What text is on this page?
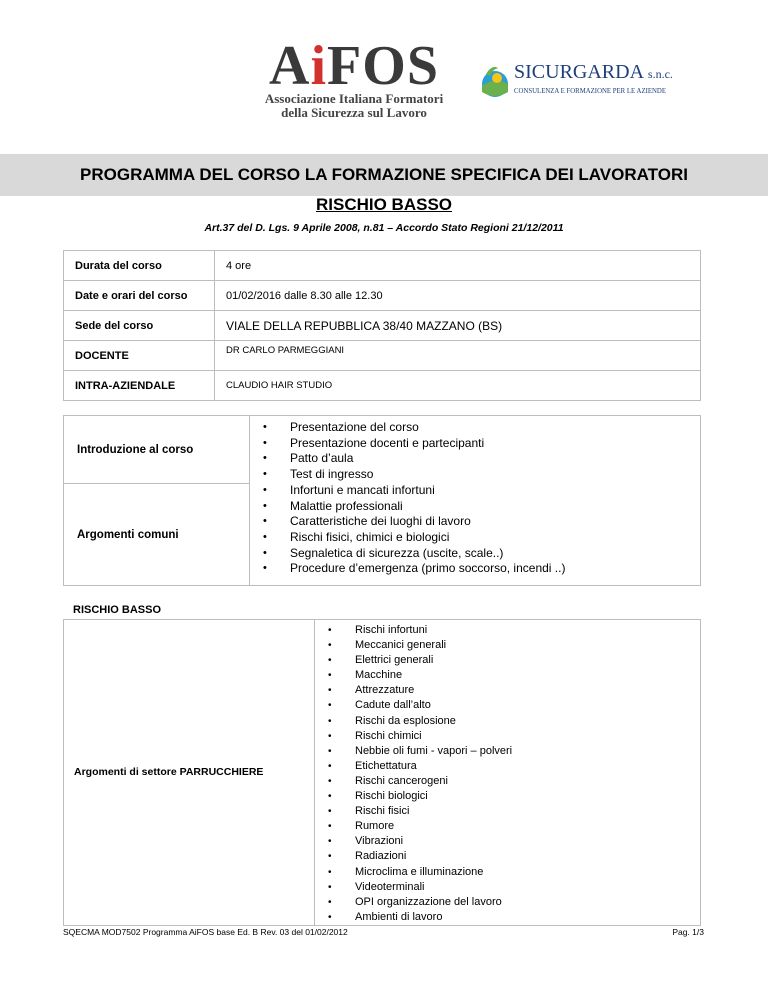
AiFOS
Associazione Italiana Formatori
della Sicurezza sul Lavoro
SICURGARDA s.n.c.
CONSULENZA E FORMAZIONE PER LE AZIENDE
PROGRAMMA DEL CORSO LA FORMAZIONE SPECIFICA DEI LAVORATORI
RISCHIO BASSO
Art.37 del D. Lgs. 9 Aprile 2008, n.81 – Accordo Stato Regioni 21/12/2011
Durata del corso	4 ore
Date e orari del corso	01/02/2016 dalle 8.30 alle 12.30
Sede del corso	VIALE DELLA REPUBBLICA 38/40 MAZZANO (BS)
DOCENTE	DR CARLO PARMEGGIANI
INTRA-AZIENDALE	CLAUDIO HAIR STUDIO
Introduzione al corso	
• Presentazione del corso
• Presentazione docenti e partecipanti
• Patto d’aula
• Test di ingresso
• Infortuni e mancati infortuni
• Malattie professionali
• Caratteristiche dei luoghi di lavoro
• Rischi fisici, chimici e biologici
• Segnaletica di sicurezza (uscite, scale..)
• Procedure d’emergenza (primo soccorso, incendi ..)

Argomenti comuni
RISCHIO BASSO
Argomenti di settore PARRUCCHIERE	
• Rischi infortuni
• Meccanici generali
• Elettrici generali
• Macchine
• Attrezzature
• Cadute dall’alto
• Rischi da esplosione
• Rischi chimici
• Nebbie oli fumi - vapori – polveri
• Etichettatura
• Rischi cancerogeni
• Rischi biologici
• Rischi fisici
• Rumore
• Vibrazioni
• Radiazioni
• Microclima e illuminazione
• Videoterminali
• OPI organizzazione del lavoro
• Ambienti di lavoro
SQECMA MOD7502 Programma AiFOS base Ed. B Rev. 03 del 01/02/2012	Pag. 1/3
